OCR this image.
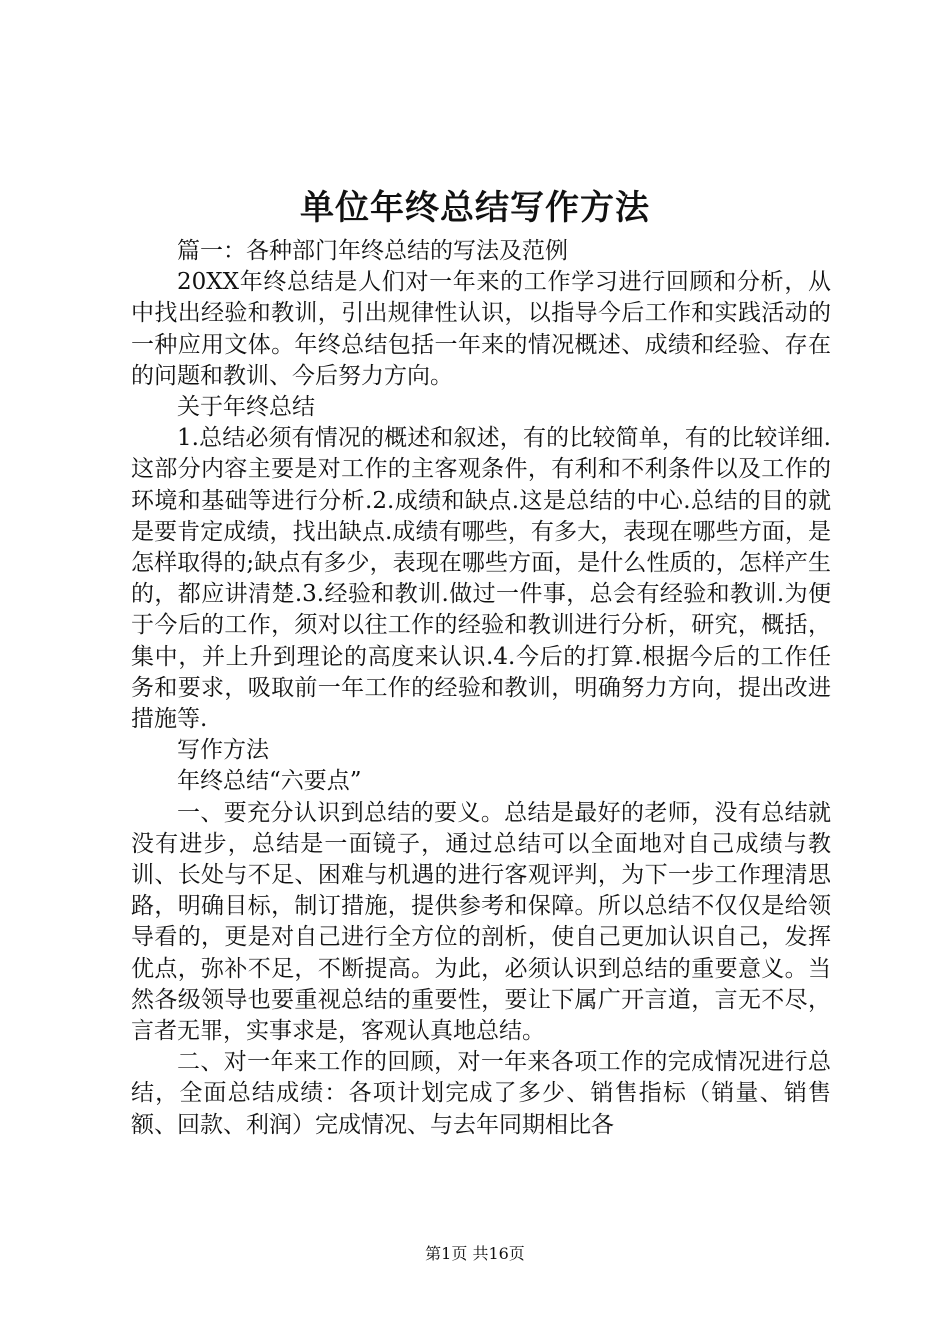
单位年终总结写作方法

篇一：各种部门年终总结的写法及范例

20XX年终总结是人们对一年来的工作学习进行回顾和分析，从中找出经验和教训，引出规律性认识，以指导今后工作和实践活动的一种应用文体。年终总结包括一年来的情况概述、成绩和经验、存在的问题和教训、今后努力方向。

关于年终总结

1.总结必须有情况的概述和叙述，有的比较简单，有的比较详细.这部分内容主要是对工作的主客观条件，有利和不利条件以及工作的环境和基础等进行分析.2.成绩和缺点.这是总结的中心.总结的目的就是要肯定成绩，找出缺点.成绩有哪些，有多大，表现在哪些方面，是怎样取得的;缺点有多少，表现在哪些方面，是什么性质的，怎样产生的，都应讲清楚.3.经验和教训.做过一件事，总会有经验和教训.为便于今后的工作，须对以往工作的经验和教训进行分析，研究，概括，集中，并上升到理论的高度来认识.4.今后的打算.根据今后的工作任务和要求，吸取前一年工作的经验和教训，明确努力方向，提出改进措施等.

写作方法

年终总结“六要点”

一、要充分认识到总结的要义。总结是最好的老师，没有总结就没有进步，总结是一面镜子，通过总结可以全面地对自己成绩与教训、长处与不足、困难与机遇的进行客观评判，为下一步工作理清思路，明确目标，制订措施，提供参考和保障。所以总结不仅仅是给领导看的，更是对自己进行全方位的剖析，使自己更加认识自己，发挥优点，弥补不足，不断提高。为此，必须认识到总结的重要意义。当然各级领导也要重视总结的重要性，要让下属广开言道，言无不尽，言者无罪，实事求是，客观认真地总结。

二、对一年来工作的回顾，对一年来各项工作的完成情况进行总结，全面总结成绩：各项计划完成了多少、销售指标（销量、销售额、回款、利润）完成情况、与去年同期相比各

第1页 共16页
